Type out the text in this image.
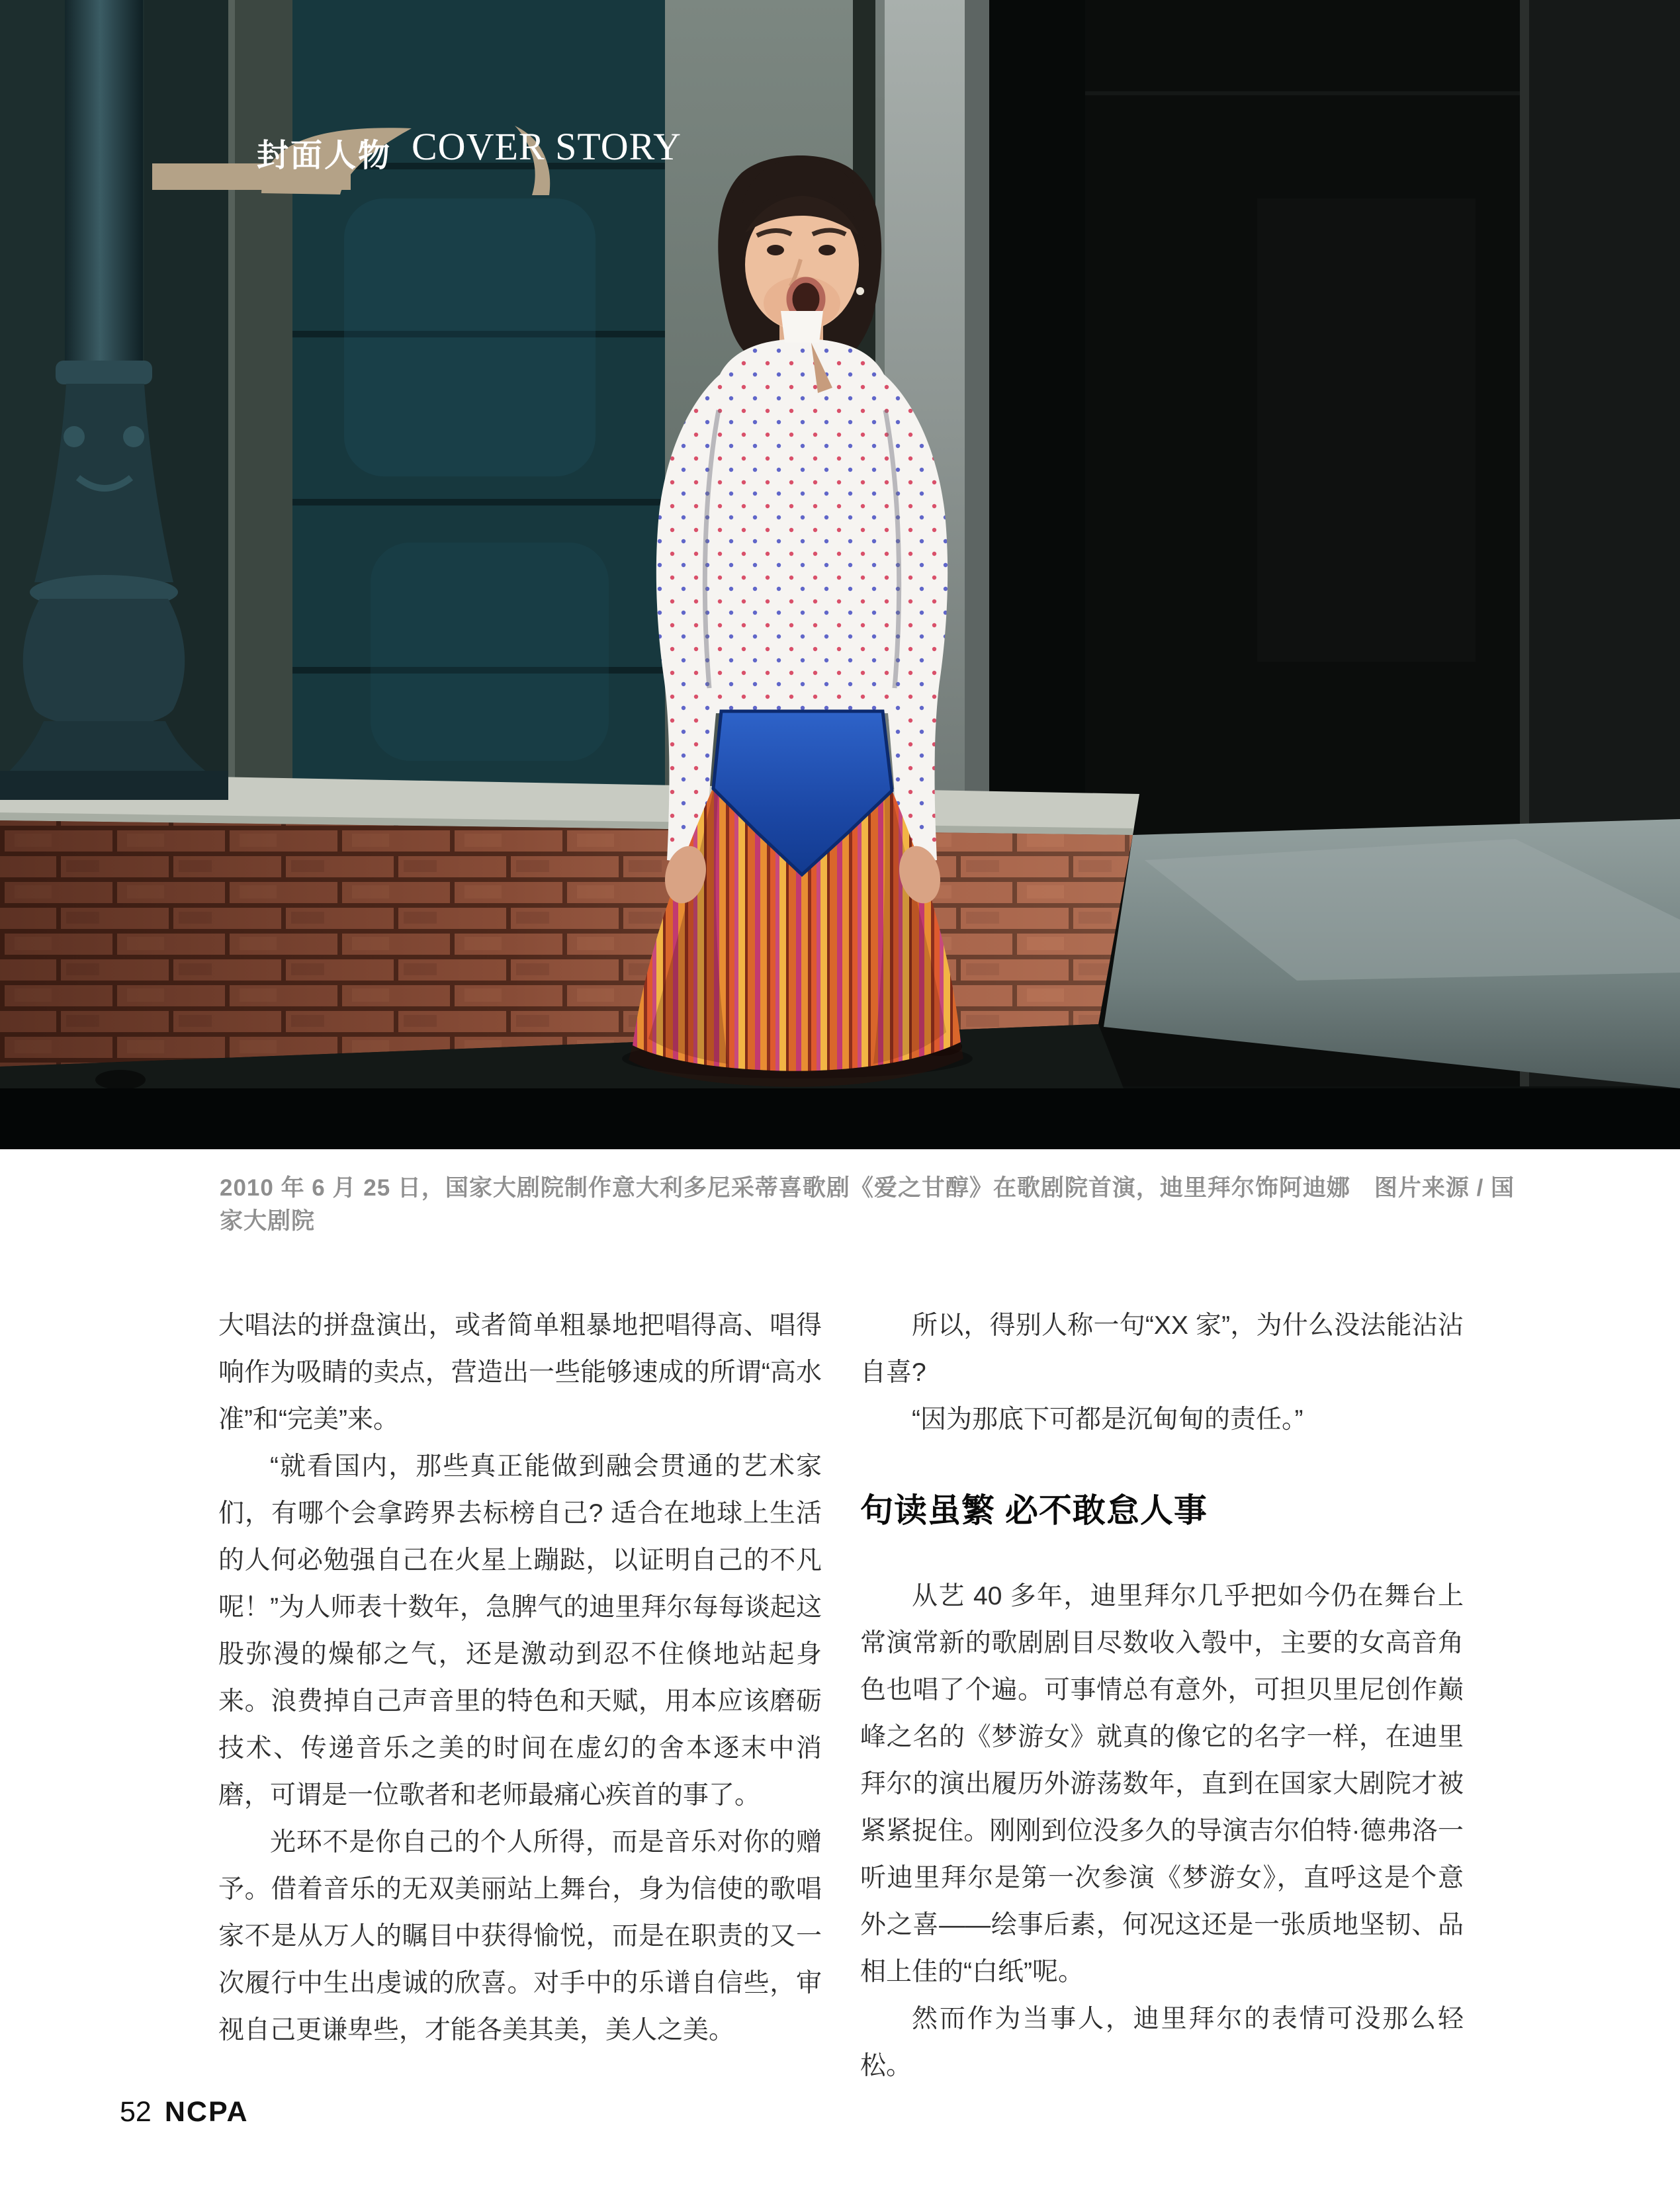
封面人物 COVER STORY
2010 年 6 月 25 日，国家大剧院制作意大利多尼采蒂喜歌剧《爱之甘醇》在歌剧院首演，迪里拜尔饰阿迪娜　图片来源 / 国家大剧院

大唱法的拼盘演出，或者简单粗暴地把唱得高、唱得响作为吸睛的卖点，营造出一些能够速成的所谓“高水准”和“完美”来。

“就看国内，那些真正能做到融会贯通的艺术家们，有哪个会拿跨界去标榜自己? 适合在地球上生活的人何必勉强自己在火星上蹦跶，以证明自己的不凡呢！”为人师表十数年，急脾气的迪里拜尔每每谈起这股弥漫的燥郁之气，还是激动到忍不住倏地站起身来。浪费掉自己声音里的特色和天赋，用本应该磨砺技术、传递音乐之美的时间在虚幻的舍本逐末中消磨，可谓是一位歌者和老师最痛心疾首的事了。

光环不是你自己的个人所得，而是音乐对你的赠予。借着音乐的无双美丽站上舞台，身为信使的歌唱家不是从万人的瞩目中获得愉悦，而是在职责的又一次履行中生出虔诚的欣喜。对手中的乐谱自信些，审视自己更谦卑些，才能各美其美，美人之美。

所以，得别人称一句“XX 家”，为什么没法能沾沾自喜?

“因为那底下可都是沉甸甸的责任。”

句读虽繁 必不敢怠人事

从艺 40 多年，迪里拜尔几乎把如今仍在舞台上常演常新的歌剧剧目尽数收入彀中，主要的女高音角色也唱了个遍。可事情总有意外，可担贝里尼创作巅峰之名的《梦游女》就真的像它的名字一样，在迪里拜尔的演出履历外游荡数年，直到在国家大剧院才被紧紧捉住。刚刚到位没多久的导演吉尔伯特·德弗洛一听迪里拜尔是第一次参演《梦游女》，直呼这是个意外之喜——绘事后素，何况这还是一张质地坚韧、品相上佳的“白纸”呢。

然而作为当事人，迪里拜尔的表情可没那么轻松。

52 NCPA
